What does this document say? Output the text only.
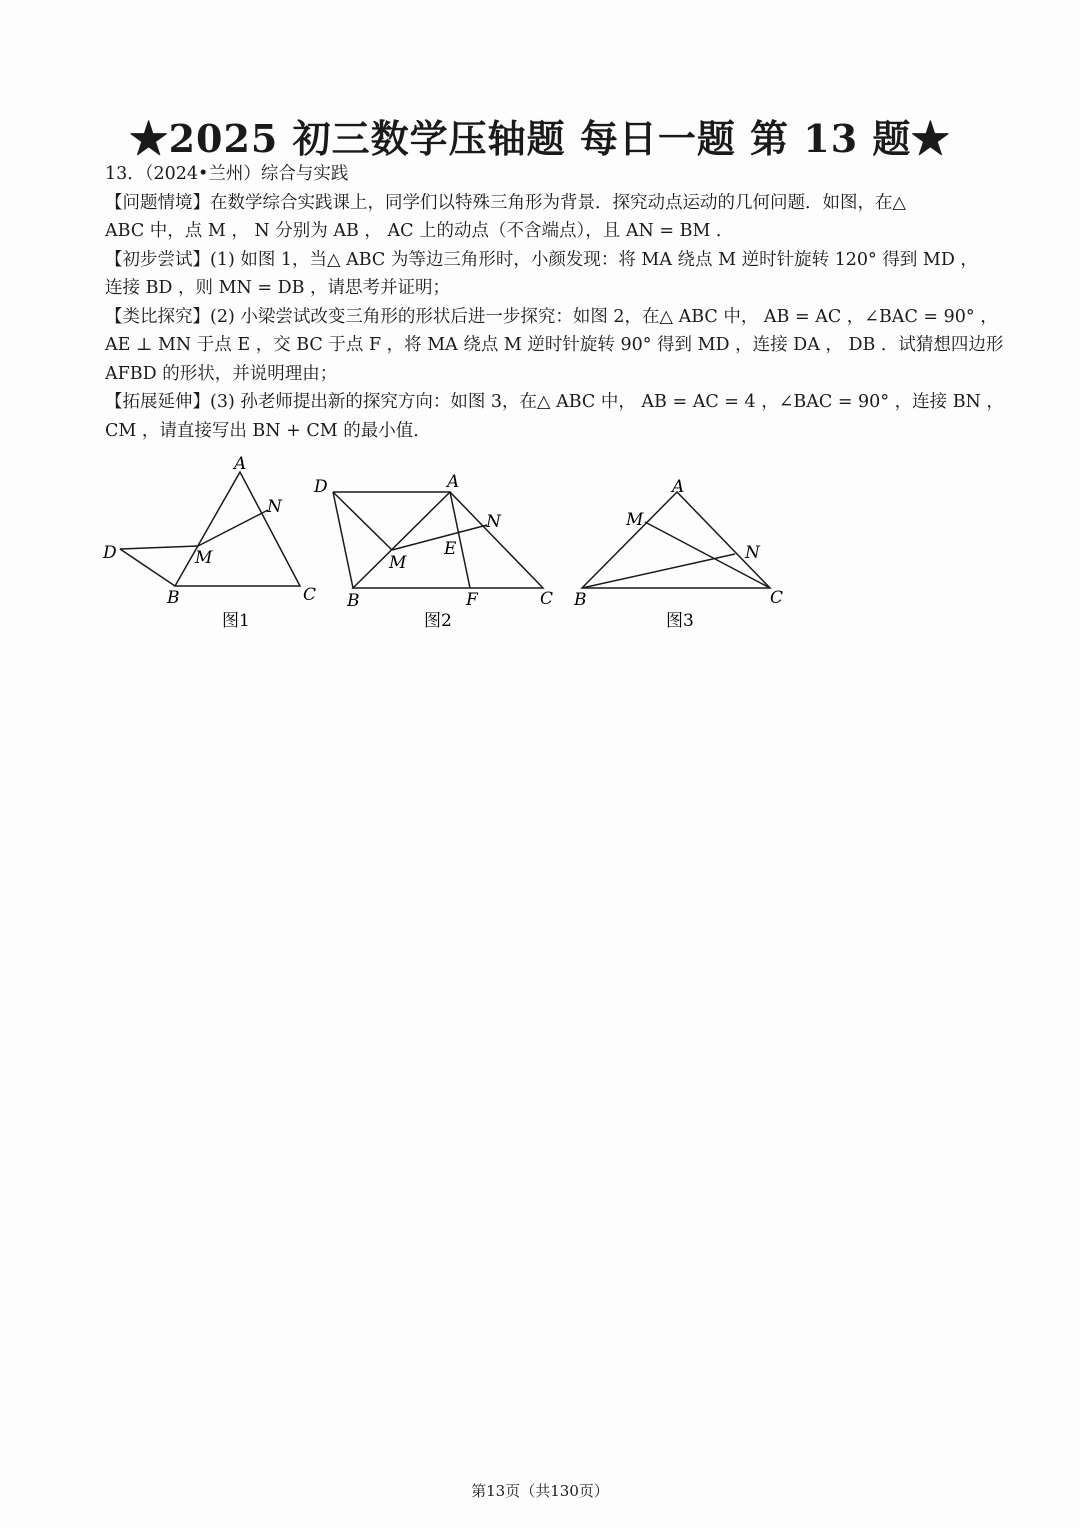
★2025 初三数学压轴题 每日一题 第 13 题★
13．（2024•兰州）综合与实践
【问题情境】在数学综合实践课上，同学们以特殊三角形为背景．探究动点运动的几何问题．如图，在△
ABC 中，点 M ， N 分别为 AB ， AC 上的动点（不含端点），且 AN = BM ．
【初步尝试】(1) 如图 1，当△ ABC 为等边三角形时，小颜发现：将 MA 绕点 M 逆时针旋转 120° 得到 MD ，
连接 BD ，则 MN = DB ，请思考并证明；
【类比探究】(2) 小梁尝试改变三角形的形状后进一步探究：如图 2，在△ ABC 中， AB = AC ，∠BAC = 90° ，
AE ⊥ MN 于点 E ，交 BC 于点 F ，将 MA 绕点 M 逆时针旋转 90° 得到 MD ，连接 DA ， DB ．试猜想四边形
AFBD 的形状，并说明理由；
【拓展延伸】(3) 孙老师提出新的探究方向：如图 3，在△ ABC 中， AB = AC = 4 ，∠BAC = 90° ，连接 BN ，
CM ，请直接写出 BN + CM 的最小值．
A
N
D	M
B	C
图1
D	A
N
E
M
B	F	C
图2
A
M
N
B	C
图3
第13页（共130页）
